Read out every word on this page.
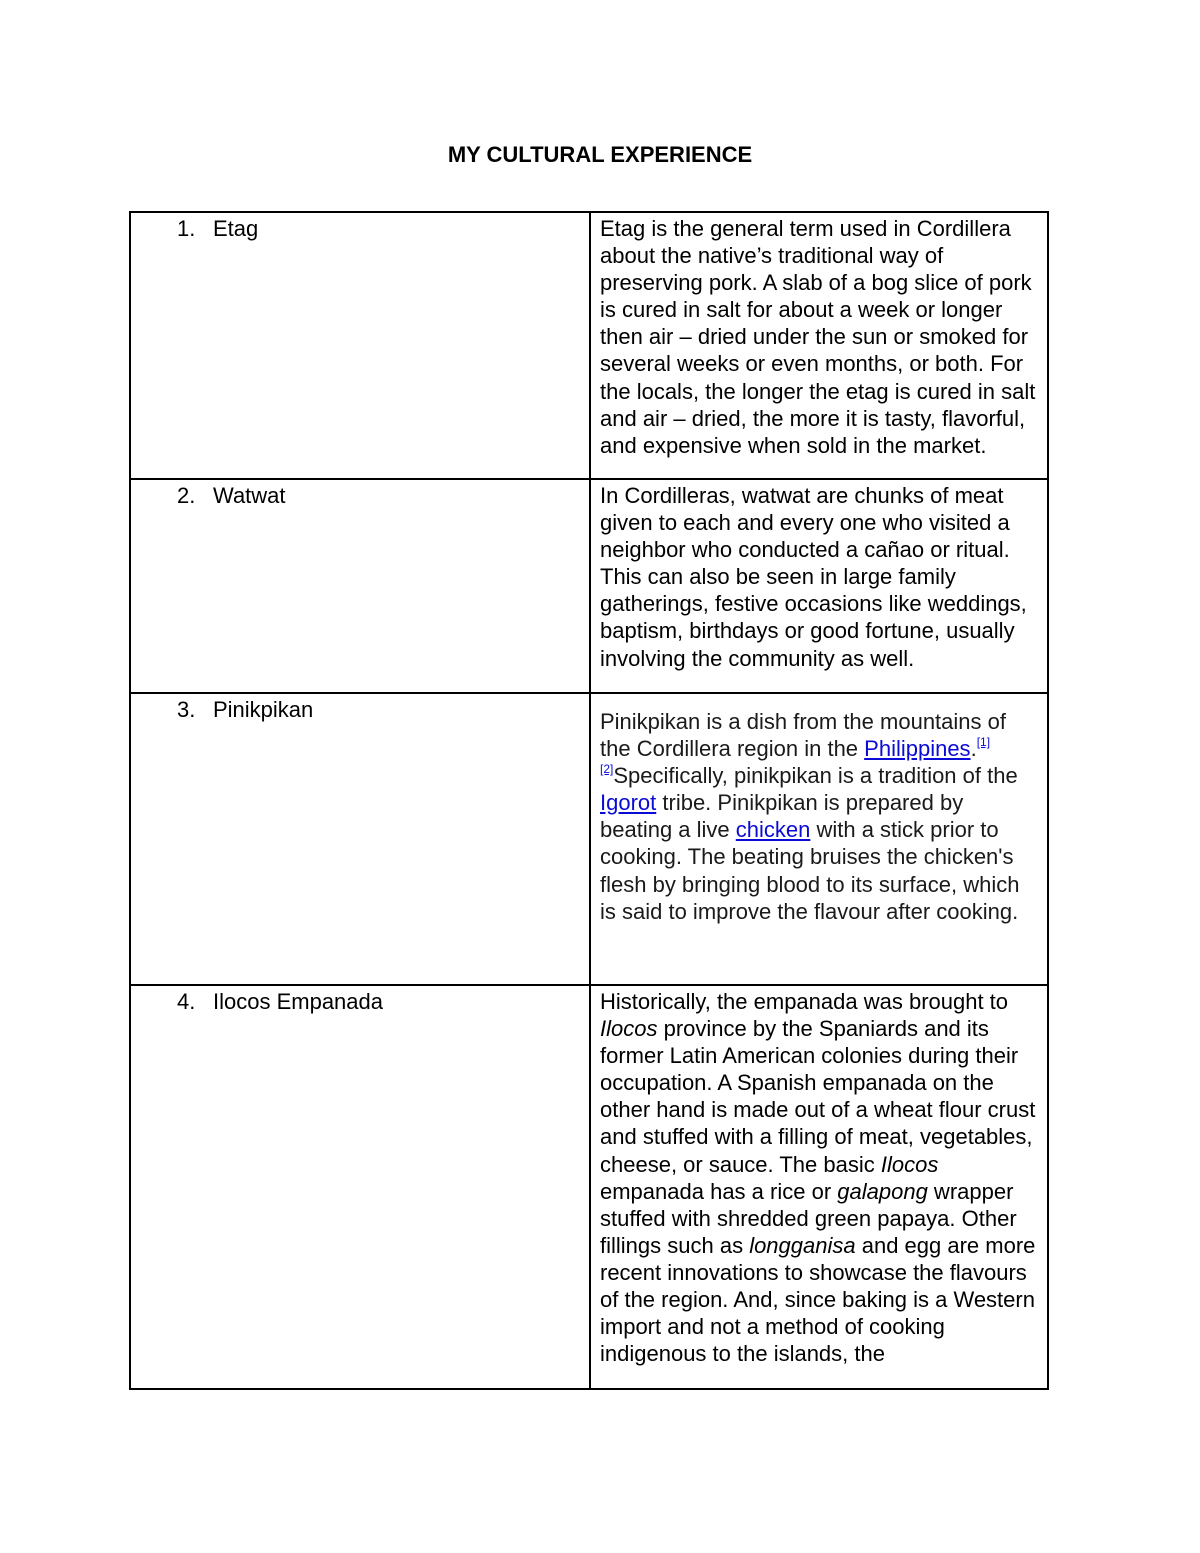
MY CULTURAL EXPERIENCE
1. Etag	Etag is the general term used in Cordillera about the native’s traditional way of preserving pork. A slab of a bog slice of pork is cured in salt for about a week or longer then air – dried under the sun or smoked for several weeks or even months, or both. For the locals, the longer the etag is cured in salt and air – dried, the more it is tasty, flavorful, and expensive when sold in the market.

2. Watwat	In Cordilleras, watwat are chunks of meat given to each and every one who visited a neighbor who conducted a cañao or ritual. This can also be seen in large family gatherings, festive occasions like weddings, baptism, birthdays or good fortune, usually involving the community as well.

3. Pinikpikan	Pinikpikan is a dish from the mountains of the Cordillera region in the Philippines.[1]
[2]Specifically, pinikpikan is a tradition of the Igorot tribe. Pinikpikan is prepared by beating a live chicken with a stick prior to cooking. The beating bruises the chicken's flesh by bringing blood to its surface, which is said to improve the flavour after cooking.

4. Ilocos Empanada	Historically, the empanada was brought to Ilocos province by the Spaniards and its former Latin American colonies during their occupation. A Spanish empanada on the other hand is made out of a wheat flour crust and stuffed with a filling of meat, vegetables, cheese, or sauce. The basic Ilocos empanada has a rice or galapong wrapper stuffed with shredded green papaya. Other fillings such as longganisa and egg are more recent innovations to showcase the flavours of the region. And, since baking is a Western import and not a method of cooking indigenous to the islands, the
